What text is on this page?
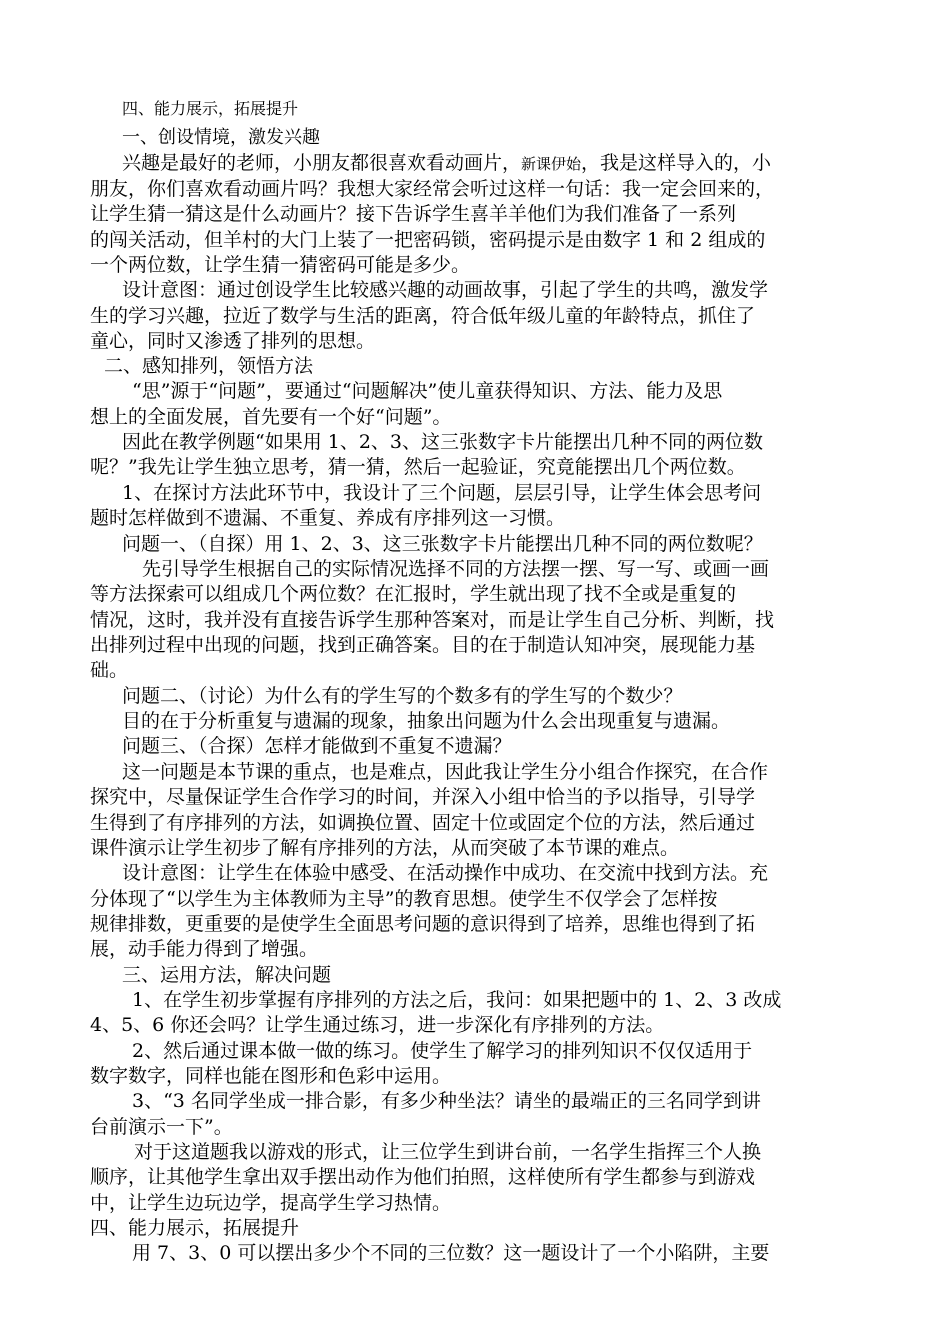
四、能力展示，拓展提升
一、创设情境，激发兴趣
兴趣是最好的老师，小朋友都很喜欢看动画片，新课伊始，我是这样导入的，小
朋友，你们喜欢看动画片吗？我想大家经常会听过这样一句话：我一定会回来的，
让学生猜一猜这是什么动画片？接下告诉学生喜羊羊他们为我们准备了一系列
的闯关活动，但羊村的大门上装了一把密码锁，密码提示是由数字 1 和 2 组成的
一个两位数，让学生猜一猜密码可能是多少。
设计意图：通过创设学生比较感兴趣的动画故事，引起了学生的共鸣，激发学
生的学习兴趣，拉近了数学与生活的距离，符合低年级儿童的年龄特点，抓住了
童心，同时又渗透了排列的思想。
二、感知排列，领悟方法
“思”源于“问题”，要通过“问题解决”使儿童获得知识、方法、能力及思
想上的全面发展，首先要有一个好“问题”。
因此在教学例题“如果用 1、2、3、这三张数字卡片能摆出几种不同的两位数
呢？”我先让学生独立思考，猜一猜，然后一起验证，究竟能摆出几个两位数。
1、在探讨方法此环节中，我设计了三个问题，层层引导，让学生体会思考问
题时怎样做到不遗漏、不重复、养成有序排列这一习惯。
问题一、（自探）用 1、2、3、这三张数字卡片能摆出几种不同的两位数呢？
先引导学生根据自己的实际情况选择不同的方法摆一摆、写一写、或画一画
等方法探索可以组成几个两位数？在汇报时，学生就出现了找不全或是重复的
情况，这时，我并没有直接告诉学生那种答案对，而是让学生自己分析、判断，找
出排列过程中出现的问题，找到正确答案。目的在于制造认知冲突，展现能力基
础。
问题二、（讨论）为什么有的学生写的个数多有的学生写的个数少？
目的在于分析重复与遗漏的现象，抽象出问题为什么会出现重复与遗漏。
问题三、（合探）怎样才能做到不重复不遗漏？
这一问题是本节课的重点，也是难点，因此我让学生分小组合作探究，在合作
探究中，尽量保证学生合作学习的时间，并深入小组中恰当的予以指导，引导学
生得到了有序排列的方法，如调换位置、固定十位或固定个位的方法，然后通过
课件演示让学生初步了解有序排列的方法，从而突破了本节课的难点。
设计意图：让学生在体验中感受、在活动操作中成功、在交流中找到方法。充
分体现了“以学生为主体教师为主导”的教育思想。使学生不仅学会了怎样按
规律排数，更重要的是使学生全面思考问题的意识得到了培养，思维也得到了拓
展，动手能力得到了增强。
三、运用方法，解决问题
1、在学生初步掌握有序排列的方法之后，我问：如果把题中的 1、2、3 改成
4、5、6 你还会吗？让学生通过练习，进一步深化有序排列的方法。
2、然后通过课本做一做的练习。使学生了解学习的排列知识不仅仅适用于
数字数字，同样也能在图形和色彩中运用。
3、“3 名同学坐成一排合影，有多少种坐法？请坐的最端正的三名同学到讲
台前演示一下”。
对于这道题我以游戏的形式，让三位学生到讲台前，一名学生指挥三个人换
顺序，让其他学生拿出双手摆出动作为他们拍照，这样使所有学生都参与到游戏
中，让学生边玩边学，提高学生学习热情。
四、能力展示，拓展提升
用 7、3、0 可以摆出多少个不同的三位数？这一题设计了一个小陷阱，主要
